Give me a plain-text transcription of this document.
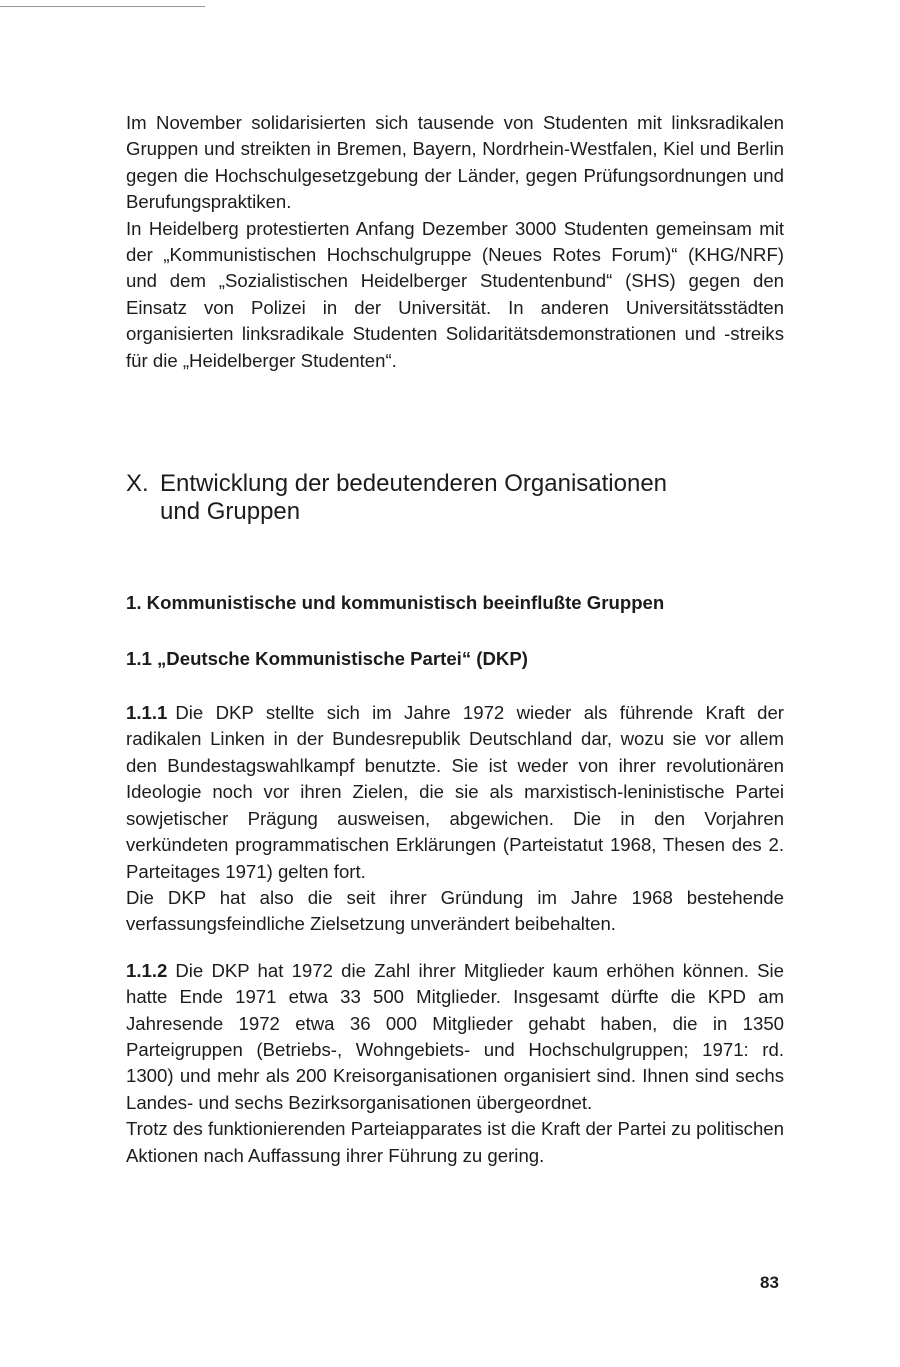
Im November solidarisierten sich tausende von Studenten mit linksradikalen Gruppen und streikten in Bremen, Bayern, Nordrhein-Westfalen, Kiel und Berlin gegen die Hochschulgesetzgebung der Länder, gegen Prüfungsordnungen und Berufungspraktiken.

In Heidelberg protestierten Anfang Dezember 3000 Studenten gemeinsam mit der „Kommunistischen Hochschulgruppe (Neues Rotes Forum)“ (KHG/NRF) und dem „Sozialistischen Heidelberger Studentenbund“ (SHS) gegen den Einsatz von Polizei in der Universität. In anderen Universitätsstädten organisierten linksradikale Studenten Solidaritätsdemonstrationen und -streiks für die „Heidelberger Studenten“.

X. Entwicklung der bedeutenderen Organisationen
und Gruppen
1. Kommunistische und kommunistisch beeinflußte Gruppen
1.1 „Deutsche Kommunistische Partei“ (DKP)

1.1.1 Die DKP stellte sich im Jahre 1972 wieder als führende Kraft der radikalen Linken in der Bundesrepublik Deutschland dar, wozu sie vor allem den Bundestagswahlkampf benutzte. Sie ist weder von ihrer revolutionären Ideologie noch vor ihren Zielen, die sie als marxistisch-leninistische Partei sowjetischer Prägung ausweisen, abgewichen. Die in den Vorjahren verkündeten programmatischen Erklärungen (Parteistatut 1968, Thesen des 2. Parteitages 1971) gelten fort.

Die DKP hat also die seit ihrer Gründung im Jahre 1968 bestehende verfassungsfeindliche Zielsetzung unverändert beibehalten.

1.1.2 Die DKP hat 1972 die Zahl ihrer Mitglieder kaum erhöhen können. Sie hatte Ende 1971 etwa 33 500 Mitglieder. Insgesamt dürfte die KPD am Jahresende 1972 etwa 36 000 Mitglieder gehabt haben, die in 1350 Parteigruppen (Betriebs-, Wohngebiets- und Hochschulgruppen; 1971: rd. 1300) und mehr als 200 Kreisorganisationen organisiert sind. Ihnen sind sechs Landes- und sechs Bezirksorganisationen übergeordnet.

Trotz des funktionierenden Parteiapparates ist die Kraft der Partei zu politischen Aktionen nach Auffassung ihrer Führung zu gering.

83
